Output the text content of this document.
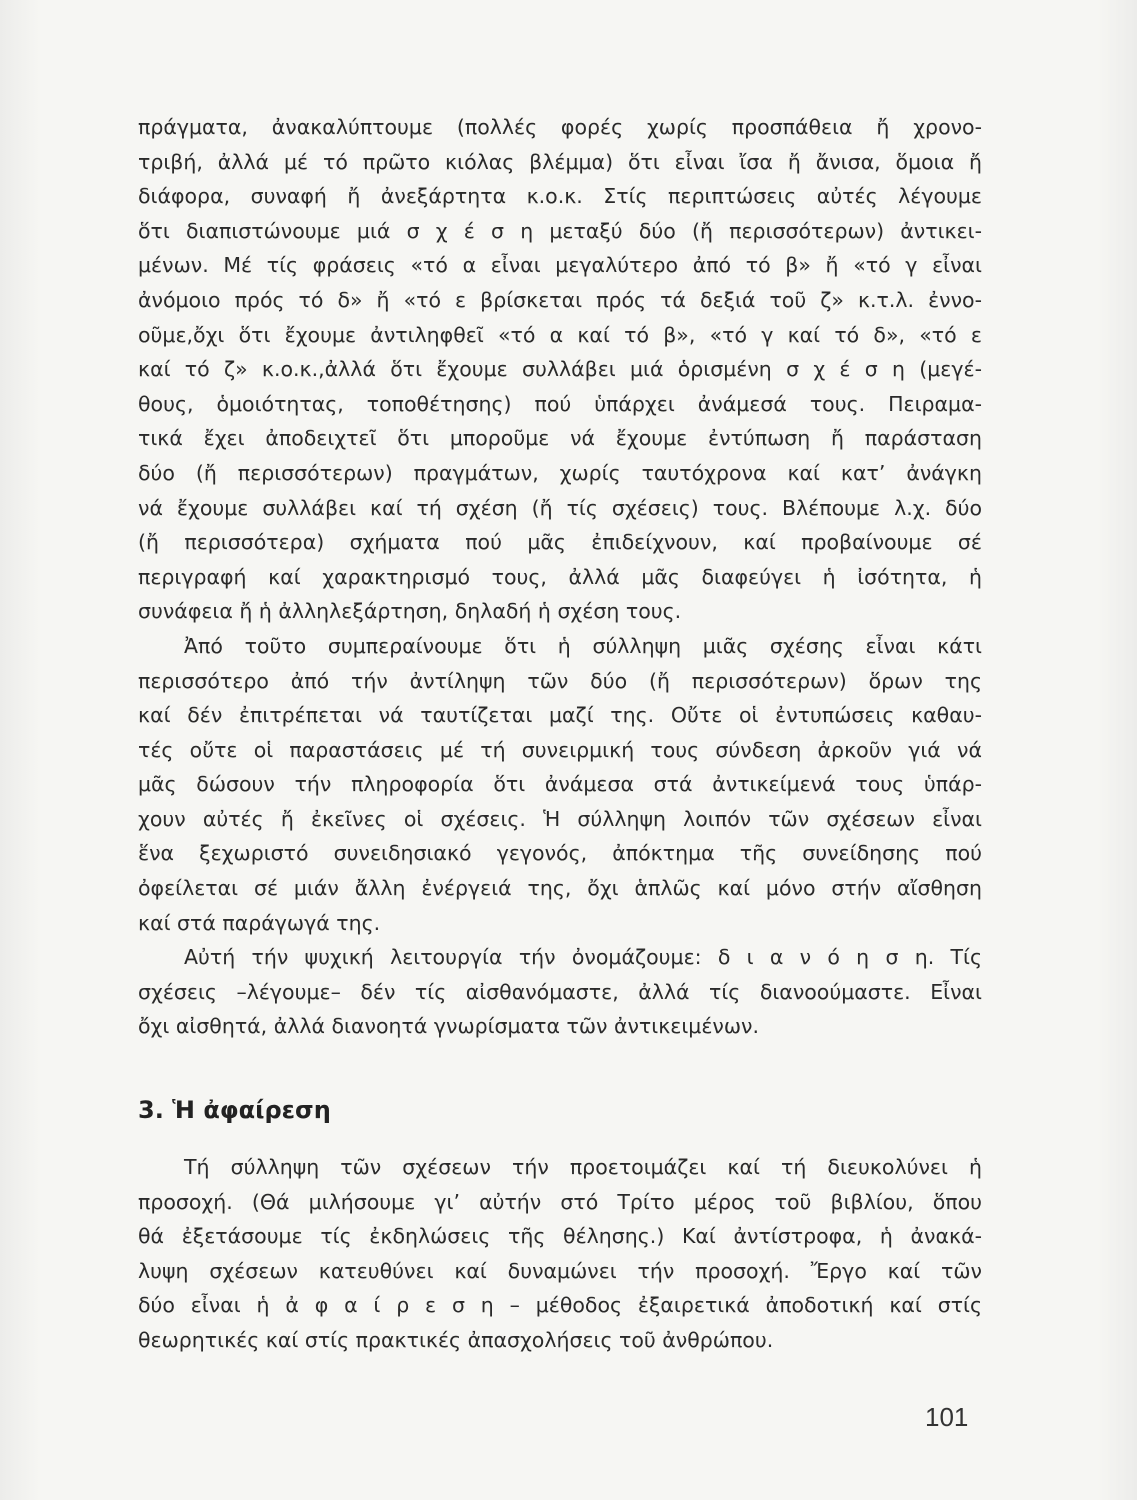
πράγματα, ἀνακαλύπτουμε (πολλές φορές χωρίς προσπάθεια ἤ χρονο-
τριβή, ἀλλά μέ τό πρῶτο κιόλας βλέμμα) ὅτι εἶναι ἴσα ἤ ἄνισα, ὅμοια ἤ
διάφορα, συναφή ἤ ἀνεξάρτητα κ.ο.κ. Στίς περιπτώσεις αὐτές λέγουμε
ὅτι διαπιστώνουμε μιά σ χ έ σ η μεταξύ δύο (ἤ περισσότερων) ἀντικει-
μένων. Μέ τίς φράσεις «τό α εἶναι μεγαλύτερο ἀπό τό β» ἤ «τό γ εἶναι
ἀνόμοιο πρός τό δ» ἤ «τό ε βρίσκεται πρός τά δεξιά τοῦ ζ» κ.τ.λ. ἐννο-
οῦμε,ὄχι ὅτι ἔχουμε ἀντιληφθεῖ «τό α καί τό β», «τό γ καί τό δ», «τό ε
καί τό ζ» κ.ο.κ.,ἀλλά ὅτι ἔχουμε συλλάβει μιά ὁρισμένη σ χ έ σ η (μεγέ-
θους, ὁμοιότητας, τοποθέτησης) πού ὑπάρχει ἀνάμεσά τους. Πειραμα-
τικά ἔχει ἀποδειχτεῖ ὅτι μποροῦμε νά ἔχουμε ἐντύπωση ἤ παράσταση
δύο (ἤ περισσότερων) πραγμάτων, χωρίς ταυτόχρονα καί κατ’ ἀνάγκη
νά ἔχουμε συλλάβει καί τή σχέση (ἤ τίς σχέσεις) τους. Βλέπουμε λ.χ. δύο
(ἤ περισσότερα) σχήματα πού μᾶς ἐπιδείχνουν, καί προβαίνουμε σέ
περιγραφή καί χαρακτηρισμό τους, ἀλλά μᾶς διαφεύγει ἡ ἰσότητα, ἡ
συνάφεια ἤ ἡ ἀλληλεξάρτηση, δηλαδή ἡ σχέση τους.
Ἀπό τοῦτο συμπεραίνουμε ὅτι ἡ σύλληψη μιᾶς σχέσης εἶναι κάτι
περισσότερο ἀπό τήν ἀντίληψη τῶν δύο (ἤ περισσότερων) ὅρων της
καί δέν ἐπιτρέπεται νά ταυτίζεται μαζί της. Οὔτε οἱ ἐντυπώσεις καθαυ-
τές οὔτε οἱ παραστάσεις μέ τή συνειρμική τους σύνδεση ἀρκοῦν γιά νά
μᾶς δώσουν τήν πληροφορία ὅτι ἀνάμεσα στά ἀντικείμενά τους ὑπάρ-
χουν αὐτές ἤ ἐκεῖνες οἱ σχέσεις. Ἡ σύλληψη λοιπόν τῶν σχέσεων εἶναι
ἕνα ξεχωριστό συνειδησιακό γεγονός, ἀπόκτημα τῆς συνείδησης πού
ὀφείλεται σέ μιάν ἄλλη ἐνέργειά της, ὄχι ἁπλῶς καί μόνο στήν αἴσθηση
καί στά παράγωγά της.
Αὐτή τήν ψυχική λειτουργία τήν ὀνομάζουμε: δ ι α ν ό η σ η. Τίς
σχέσεις –λέγουμε– δέν τίς αἰσθανόμαστε, ἀλλά τίς διανοούμαστε. Εἶναι
ὄχι αἰσθητά, ἀλλά διανοητά γνωρίσματα τῶν ἀντικειμένων.
3. Ἡ ἀφαίρεση
Τή σύλληψη τῶν σχέσεων τήν προετοιμάζει καί τή διευκολύνει ἡ
προσοχή. (Θά μιλήσουμε γι’ αὐτήν στό Τρίτο μέρος τοῦ βιβλίου, ὅπου
θά ἐξετάσουμε τίς ἐκδηλώσεις τῆς θέλησης.) Καί ἀντίστροφα, ἡ ἀνακά-
λυψη σχέσεων κατευθύνει καί δυναμώνει τήν προσοχή. Ἔργο καί τῶν
δύο εἶναι ἡ ἀ φ α ί ρ ε σ η – μέθοδος ἐξαιρετικά ἀποδοτική καί στίς
θεωρητικές καί στίς πρακτικές ἀπασχολήσεις τοῦ ἀνθρώπου.
101
